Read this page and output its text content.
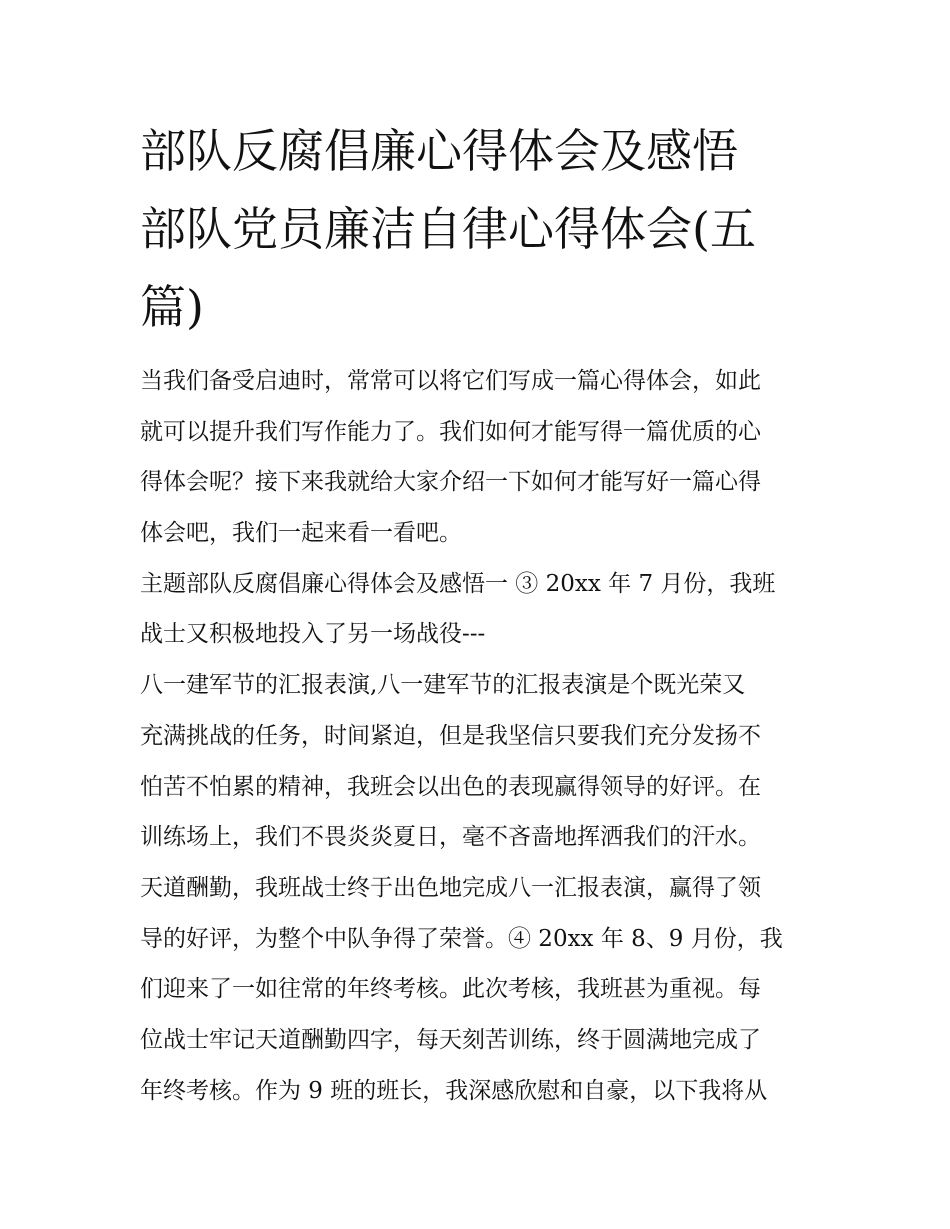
部队反腐倡廉心得体会及感悟
部队党员廉洁自律心得体会(五
篇)
当我们备受启迪时，常常可以将它们写成一篇心得体会，如此
就可以提升我们写作能力了。我们如何才能写得一篇优质的心
得体会呢？接下来我就给大家介绍一下如何才能写好一篇心得
体会吧，我们一起来看一看吧。
主题部队反腐倡廉心得体会及感悟一 ③ 20xx 年 7 月份，我班
战士又积极地投入了另一场战役---
八一建军节的汇报表演,八一建军节的汇报表演是个既光荣又
充满挑战的任务，时间紧迫，但是我坚信只要我们充分发扬不
怕苦不怕累的精神，我班会以出色的表现赢得领导的好评。在
训练场上，我们不畏炎炎夏日，毫不吝啬地挥洒我们的汗水。
天道酬勤，我班战士终于出色地完成八一汇报表演，赢得了领
导的好评，为整个中队争得了荣誉。④ 20xx 年 8、9 月份，我
们迎来了一如往常的年终考核。此次考核，我班甚为重视。每
位战士牢记天道酬勤四字，每天刻苦训练，终于圆满地完成了
年终考核。作为 9 班的班长，我深感欣慰和自豪，以下我将从
